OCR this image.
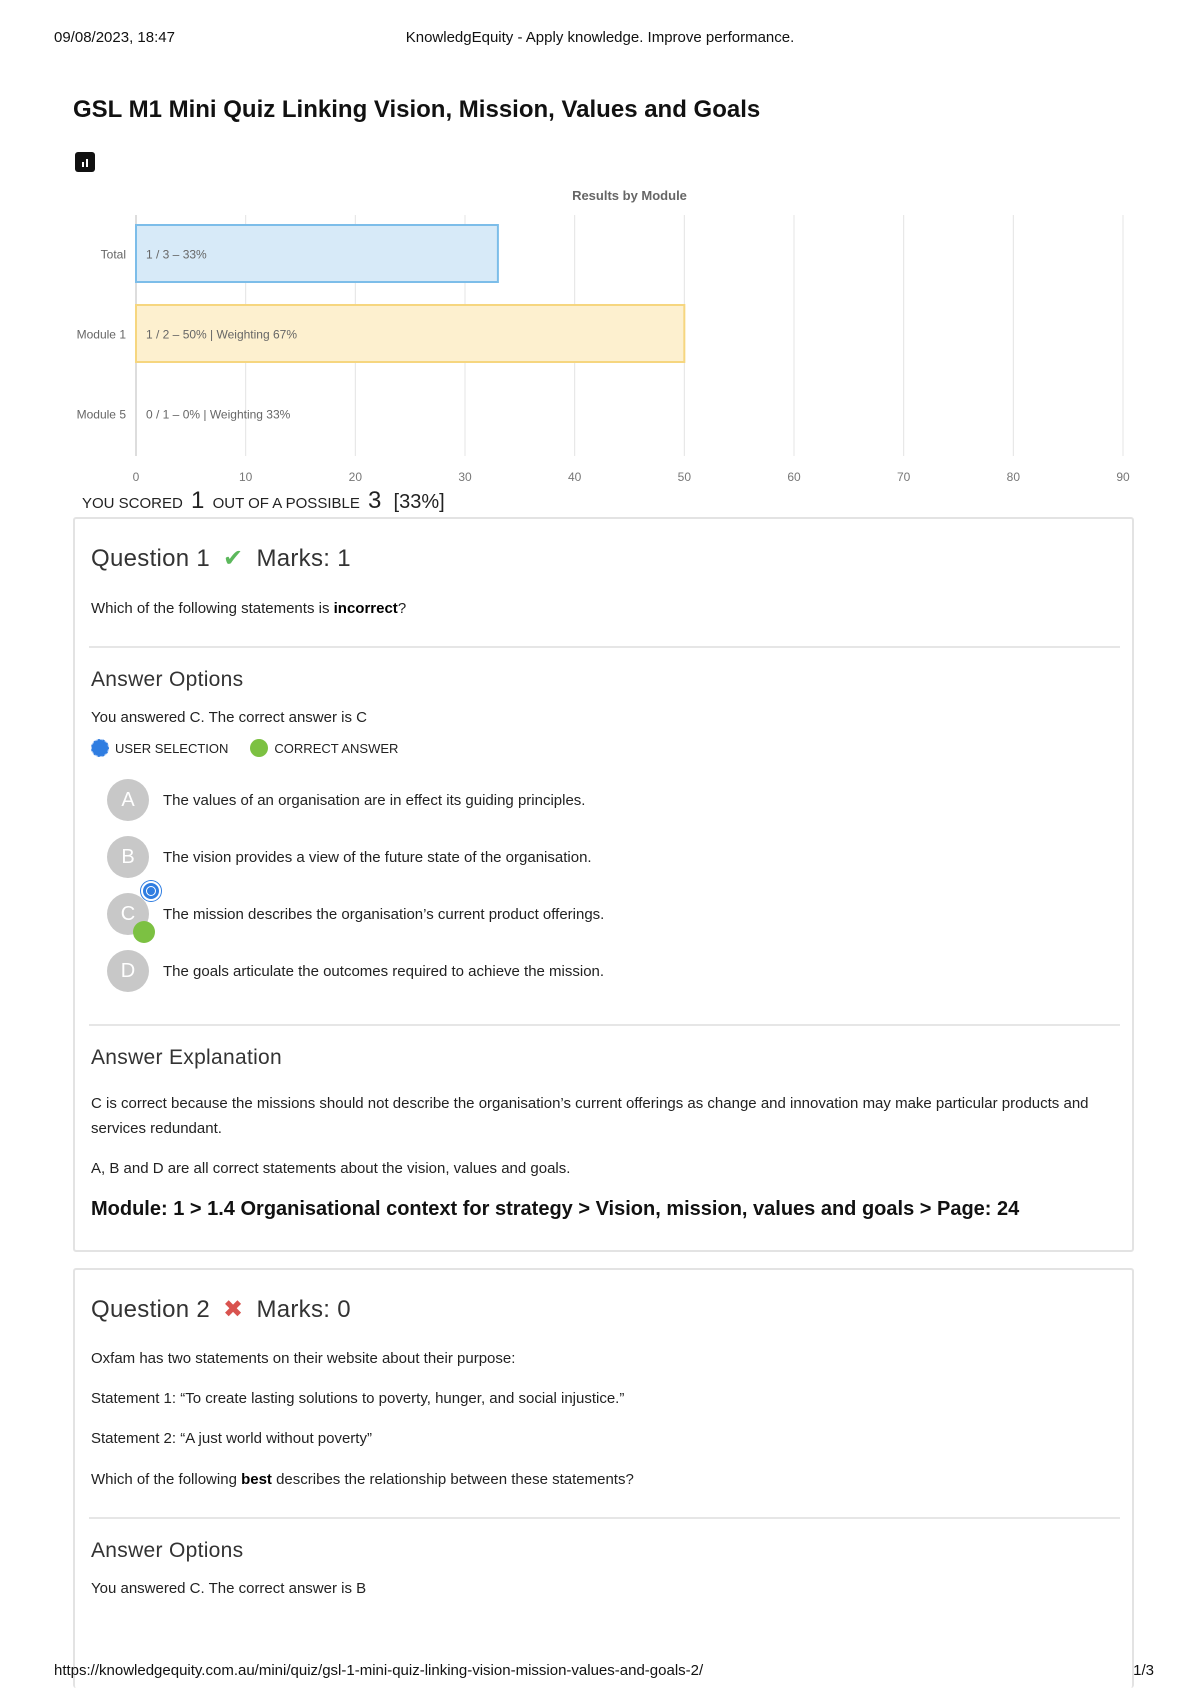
09/08/2023, 18:47	KnowledgEquity - Apply knowledge. Improve performance.
GSL M1 Mini Quiz Linking Vision, Mission, Values and Goals
Results by Module
0	10	20	30	40	50	60	70	80	90
Total 1 / 3 – 33%
Module 1 1 / 2 – 50% | Weighting 67%
Module 5 0 / 1 – 0% | Weighting 33%
YOU SCORED 1 OUT OF A POSSIBLE 3 [33%]
Question 1 ✔ Marks: 1
Which of the following statements is incorrect?
Answer Options
You answered C. The correct answer is C
USER SELECTION	CORRECT ANSWER
A	The values of an organisation are in effect its guiding principles.
B	The vision provides a view of the future state of the organisation.
C The mission describes the organisation’s current product offerings.
D	The goals articulate the outcomes required to achieve the mission.
Answer Explanation
C is correct because the missions should not describe the organisation’s current offerings as change and innovation may make particular products and services redundant.
A, B and D are all correct statements about the vision, values and goals.
Module: 1 > 1.4 Organisational context for strategy > Vision, mission, values and goals > Page: 24
Question 2 ✖ Marks: 0
Oxfam has two statements on their website about their purpose:
Statement 1: “To create lasting solutions to poverty, hunger, and social injustice.”
Statement 2: “A just world without poverty”
Which of the following best describes the relationship between these statements?
Answer Options
You answered C. The correct answer is B
https://knowledgequity.com.au/mini/quiz/gsl-1-mini-quiz-linking-vision-mission-values-and-goals-2/	1/3
